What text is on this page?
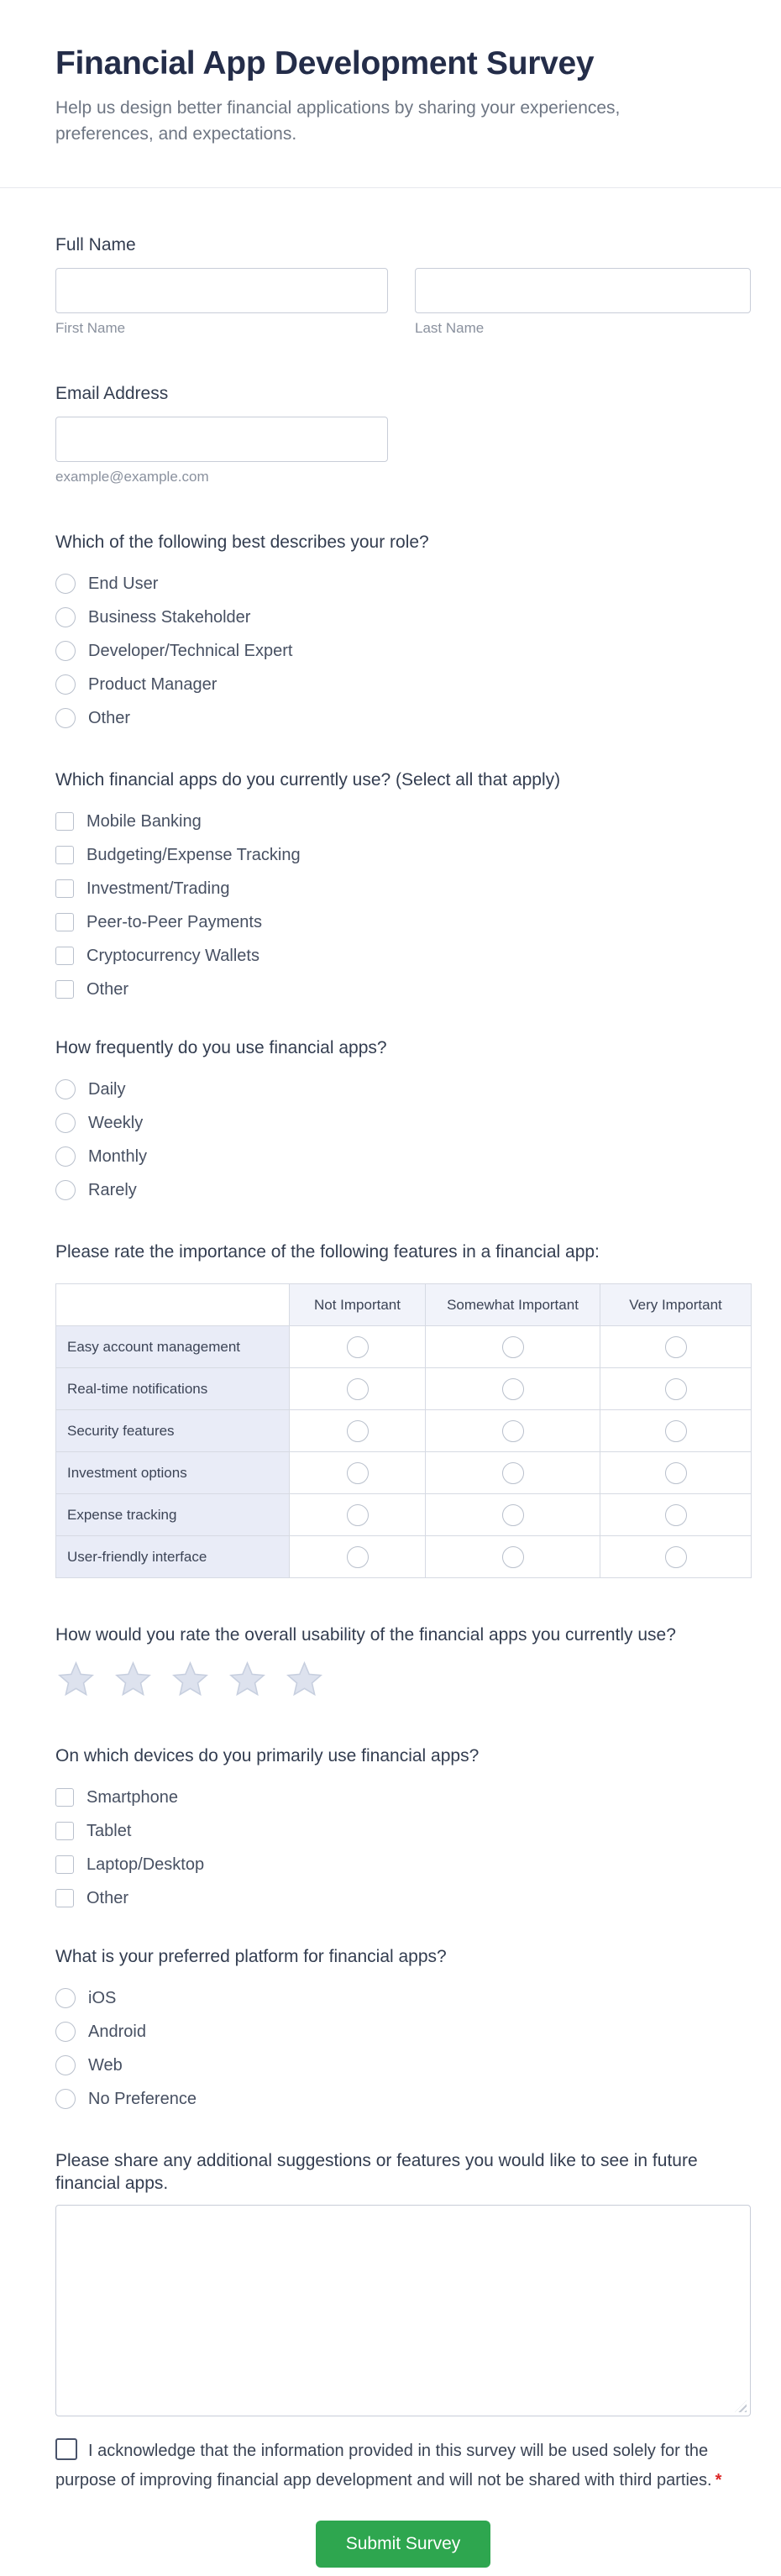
Financial App Development Survey

Help us design better financial applications by sharing your experiences, preferences, and expectations.

Full Name
First Name	Last Name
Email Address
example@example.com
Which of the following best describes your role?
End User
Business Stakeholder
Developer/Technical Expert
Product Manager
Other
Which financial apps do you currently use? (Select all that apply)
Mobile Banking
Budgeting/Expense Tracking
Investment/Trading
Peer-to-Peer Payments
Cryptocurrency Wallets
Other
How frequently do you use financial apps?
Daily
Weekly
Monthly
Rarely
Please rate the importance of the following features in a financial app:
	Not Important	Somewhat Important	Very Important
Easy account management			
Real-time notifications			
Security features			
Investment options			
Expense tracking			
User-friendly interface			
How would you rate the overall usability of the financial apps you currently use?
On which devices do you primarily use financial apps?
Smartphone
Tablet
Laptop/Desktop
Other
What is your preferred platform for financial apps?
iOS
Android
Web
No Preference
Please share any additional suggestions or features you would like to see in future financial apps.
I acknowledge that the information provided in this survey will be used solely for the purpose of improving financial app development and will not be shared with third parties. *
Submit Survey
